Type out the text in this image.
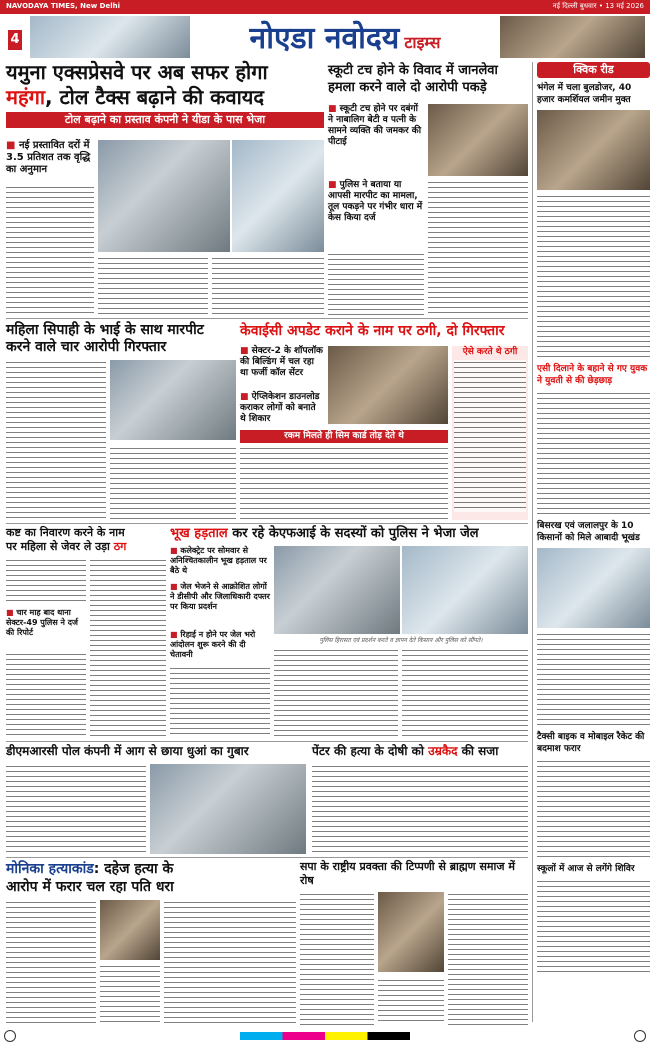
NAVODAYA TIMES, New Delhi	नई दिल्ली बुधवार • 13 मई 2026
4	नोएडा नवोदय टाइम्स
यमुना एक्सप्रेसवे पर अब सफर होगा
महंगा, टोल टैक्स बढ़ाने की कवायद
टोल बढ़ाने का प्रस्ताव कंपनी ने यीडा के पास भेजा
■ नई प्रस्तावित दरों में 3.5 प्रतिशत तक वृद्धि का अनुमान
स्कूटी टच होने के विवाद में जानलेवा हमला करने वाले दो आरोपी पकड़े
■ स्कूटी टच होने पर दबंगों ने नाबालिग बेटी व पत्नी के सामने व्यक्ति की जमकर की पीटाई
■ पुलिस ने बताया या आपसी मारपीट का मामला, तूल पकड़ने पर गंभीर धारा में केस किया दर्ज
क्विक रीड
भंगेल में चला बुलडोजर, 40 हजार कमर्शियल जमीन मुक्त
एसी दिलाने के बहाने से गए युवक ने युवती से की छेड़छाड़
बिसरख एवं जलालपुर के 10 किसानों को मिले आबादी भूखंड
टैक्सी बाइक व मोबाइल रैकेट की बदमाश फरार
स्कूलों में आज से लगेंगे शिविर
महिला सिपाही के भाई के साथ मारपीट
करने वाले चार आरोपी गिरफ्तार
केवाईसी अपडेट कराने के नाम पर ठगी, दो गिरफ्तार
■ सेक्टर-2 के शॉपलॉक की बिल्डिंग में चल रहा था फर्जी कॉल सेंटर
■ ऐप्लिकेशन डाउनलोड कराकर लोगों को बनाते थे शिकार
ऐसे करते थे ठगी
रकम मिलते ही सिम कार्ड तोड़ देते थे
कष्ट का निवारण करने के नाम
पर महिला से जेवर ले उड़ा ठग
■ चार माह बाद थाना सेक्टर-49 पुलिस ने दर्ज की रिपोर्ट
भूख हड़ताल कर रहे केएफआई के सदस्यों को पुलिस ने भेजा जेल
■ कलेक्ट्रेट पर सोमवार से अनिश्चितकालीन भूख हड़ताल पर बैठे थे
■ जेल भेजने से आक्रोशित लोगों ने डीसीपी और जिलाधिकारी दफ्तर पर किया प्रदर्शन
■ रिहाई न होने पर जेल भरो आंदोलन शुरू करने की दी चेतावनी
पुलिस हिरासत एवं प्रदर्शन करते व ज्ञापन देते किसान और पुलिस को सौंपते।
डीएमआरसी पोल कंपनी में आग से छाया धुआं का गुबार	पेंटर की हत्या के दोषी को उम्रकैद की सजा
मोनिका हत्याकांड: दहेज हत्या के
आरोप में फरार चल रहा पति धरा
सपा के राष्ट्रीय प्रवक्ता की टिप्पणी से ब्राह्मण समाज में रोष
